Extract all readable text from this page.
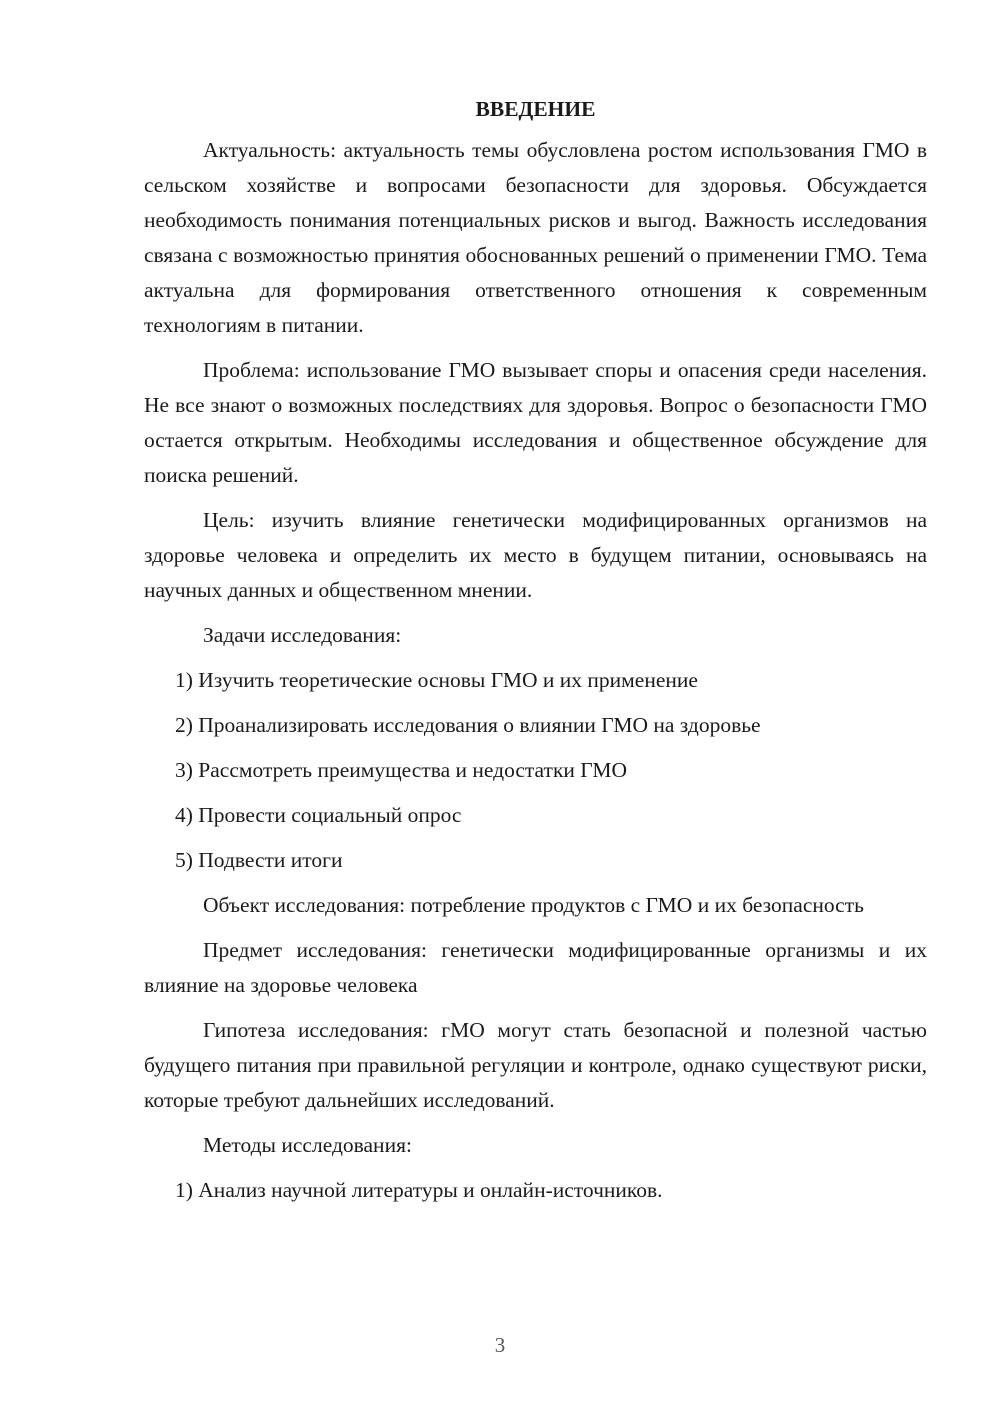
ВВЕДЕНИЕ

Актуальность: актуальность темы обусловлена ростом использования ГМО в сельском хозяйстве и вопросами безопасности для здоровья. Обсуждается необходимость понимания потенциальных рисков и выгод. Важность исследования связана с возможностью принятия обоснованных решений о применении ГМО. Тема актуальна для формирования ответственного отношения к современным технологиям в питании.

Проблема: использование ГМО вызывает споры и опасения среди населения. Не все знают о возможных последствиях для здоровья. Вопрос о безопасности ГМО остается открытым. Необходимы исследования и общественное обсуждение для поиска решений.

Цель: изучить влияние генетически модифицированных организмов на здоровье человека и определить их место в будущем питании, основываясь на научных данных и общественном мнении.

Задачи исследования:

1) Изучить теоретические основы ГМО и их применение
2) Проанализировать исследования о влиянии ГМО на здоровье
3) Рассмотреть преимущества и недостатки ГМО
4) Провести социальный опрос
5) Подвести итоги

Объект исследования: потребление продуктов с ГМО и их безопасность

Предмет исследования: генетически модифицированные организмы и их влияние на здоровье человека

Гипотеза исследования: гМО могут стать безопасной и полезной частью будущего питания при правильной регуляции и контроле, однако существуют риски, которые требуют дальнейших исследований.

Методы исследования:

1) Анализ научной литературы и онлайн-источников.
3
